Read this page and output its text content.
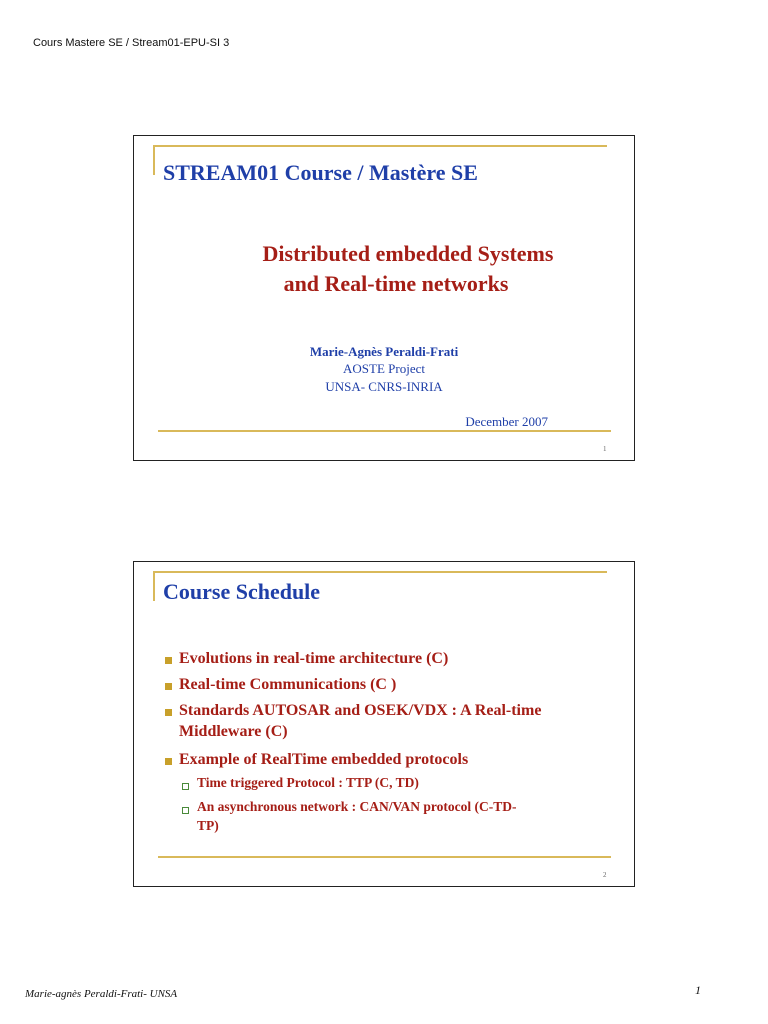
Cours Mastere SE / Stream01-EPU-SI 3
STREAM01 Course / Mastère SE
Distributed embedded Systems
and Real-time networks
Marie-Agnès Peraldi-Frati
AOSTE Project
UNSA- CNRS-INRIA
December 2007
1
Course Schedule
Evolutions in real-time architecture (C)
Real-time Communications (C )
Standards AUTOSAR and OSEK/VDX : A Real-time
Middleware (C)
Example of RealTime embedded protocols
Time triggered Protocol : TTP (C, TD)
An asynchronous network : CAN/VAN protocol (C-TD-
TP)
2
Marie-agnès Peraldi-Frati- UNSA	1
